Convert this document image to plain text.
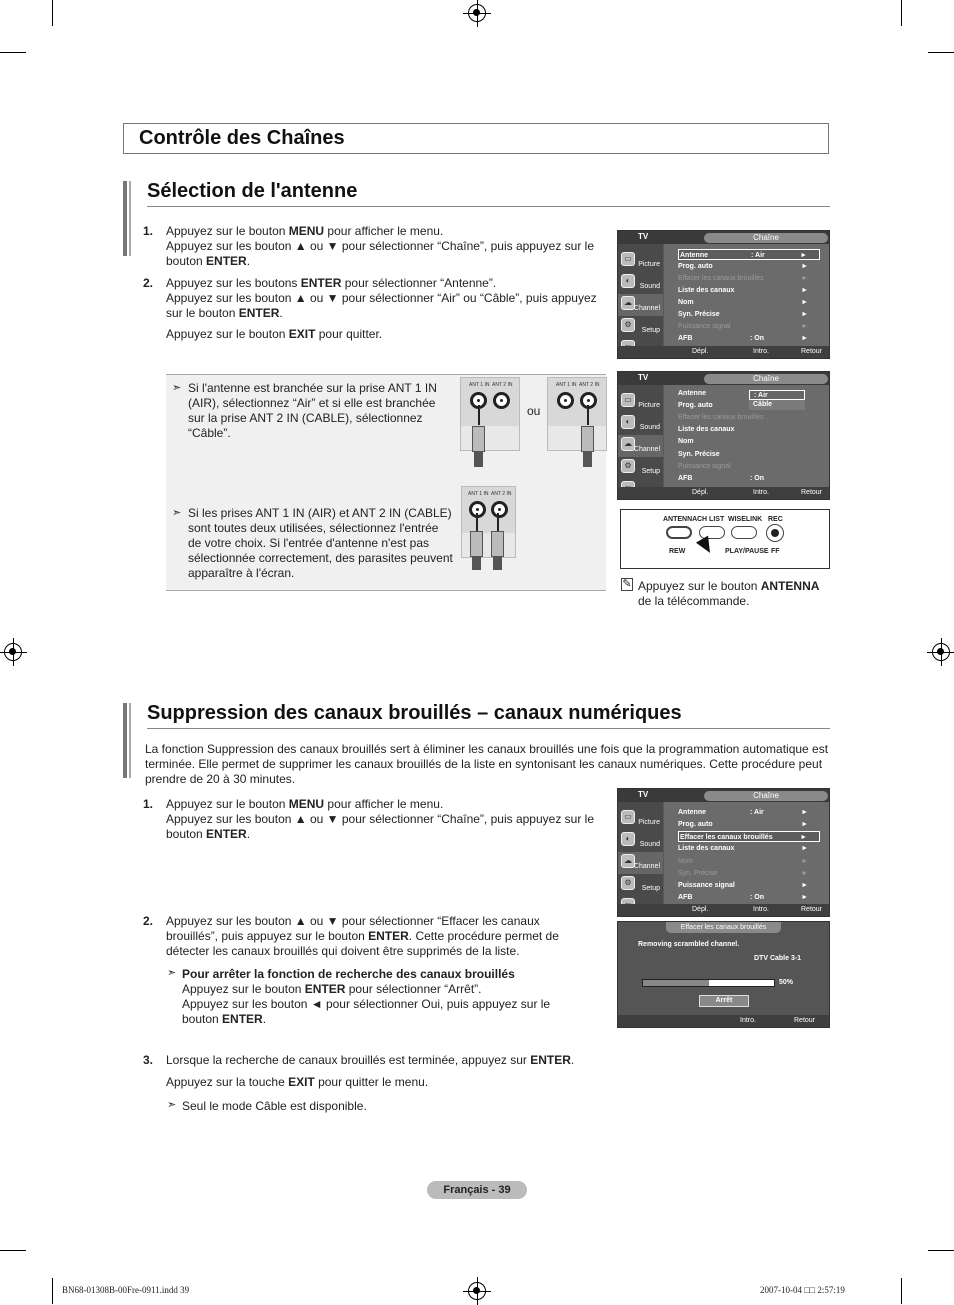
Contrôle des Chaînes
Sélection de l'antenne
1. Appuyez sur le bouton MENU pour afficher le menu.
Appuyez sur les bouton ▲ ou ▼ pour sélectionner “Chaîne”, puis appuyez sur le
bouton ENTER.
2. Appuyez sur les boutons ENTER pour sélectionner “Antenne”.
Appuyez sur les bouton ▲ ou ▼ pour sélectionner “Air” ou “Câble”, puis appuyez
sur le bouton ENTER.
Appuyez sur le bouton EXIT pour quitter.
TV	Chaîne
▭
Picture
◐
Sound
☁
Channel
⚙
Setup
Antenne	: Air	►
Prog. auto	►
Effacer les canaux brouillés	►
Liste des canaux	►
Nom	►
Syn. Précise	►
Puissance signal	►
AFB	: On	►
Dépl.	Intro.	Retour
TV	Chaîne
▭
Picture
◐
Sound
☁
Channel
⚙
Setup
Antenne
Prog. auto
Effacer les canaux brouillés
Liste des canaux
Nom
Syn. Précise
Puissance signal
AFB	: On
: Air
Câble
Dépl.	Intro.	Retour
➣ Si l'antenne est branchée sur la prise ANT 1 IN
(AIR), sélectionnez “Air” et si elle est branchée
sur la prise ANT 2 IN (CABLE), sélectionnez
“Câble”.
➣ Si les prises ANT 1 IN (AIR) et ANT 2 IN (CABLE)
sont toutes deux utilisées, sélectionnez l'entrée
de votre choix. Si l'entrée d'antenne n'est pas
sélectionnée correctement, des parasites peuvent
apparaître à l'écran.
ANT 1 IN ANT 2 IN
ou
ANT 1 IN ANT 2 IN
ANT 1 IN ANT 2 IN
ANTENNA CH LIST WISELINK REC
REW	PLAY/PAUSE FF
✎ Appuyez sur le bouton ANTENNA
de la télécommande.
Suppression des canaux brouillés – canaux numériques
La fonction Suppression des canaux brouillés sert à éliminer les canaux brouillés une fois que la programmation automatique est
terminée. Elle permet de supprimer les canaux brouillés de la liste en syntonisant les canaux numériques. Cette procédure peut
prendre de 20 à 30 minutes.
1. Appuyez sur le bouton MENU pour afficher le menu.
Appuyez sur les bouton ▲ ou ▼ pour sélectionner “Chaîne”, puis appuyez sur le
bouton ENTER.
2. Appuyez sur les bouton ▲ ou ▼ pour sélectionner “Effacer les canaux
brouillés”, puis appuyez sur le bouton ENTER. Cette procédure permet de
détecter les canaux brouillés qui doivent être supprimés de la liste.
➣ Pour arrêter la fonction de recherche des canaux brouillés
Appuyez sur le bouton ENTER pour sélectionner “Arrêt”.
Appuyez sur les bouton ◄ pour sélectionner Oui, puis appuyez sur le
bouton ENTER.
3. Lorsque la recherche de canaux brouillés est terminée, appuyez sur ENTER.
Appuyez sur la touche EXIT pour quitter le menu.
➣ Seul le mode Câble est disponible.
TV	Chaîne
▭
Picture
◐
Sound
☁
Channel
⚙
Setup
Antenne	: Air	►
Prog. auto	►
Effacer les canaux brouillés	►
Liste des canaux	►
Nom	►
Syn. Précise	►
Puissance signal	►
AFB	: On	►
Dépl.	Intro.	Retour
Effacer les canaux brouillés
Removing scrambled channel.
DTV Cable 3-1
50%
Arrêt
Intro.	Retour
Français - 39
BN68-01308B-00Fre-0911.indd 39	2007-10-04 □□ 2:57:19
